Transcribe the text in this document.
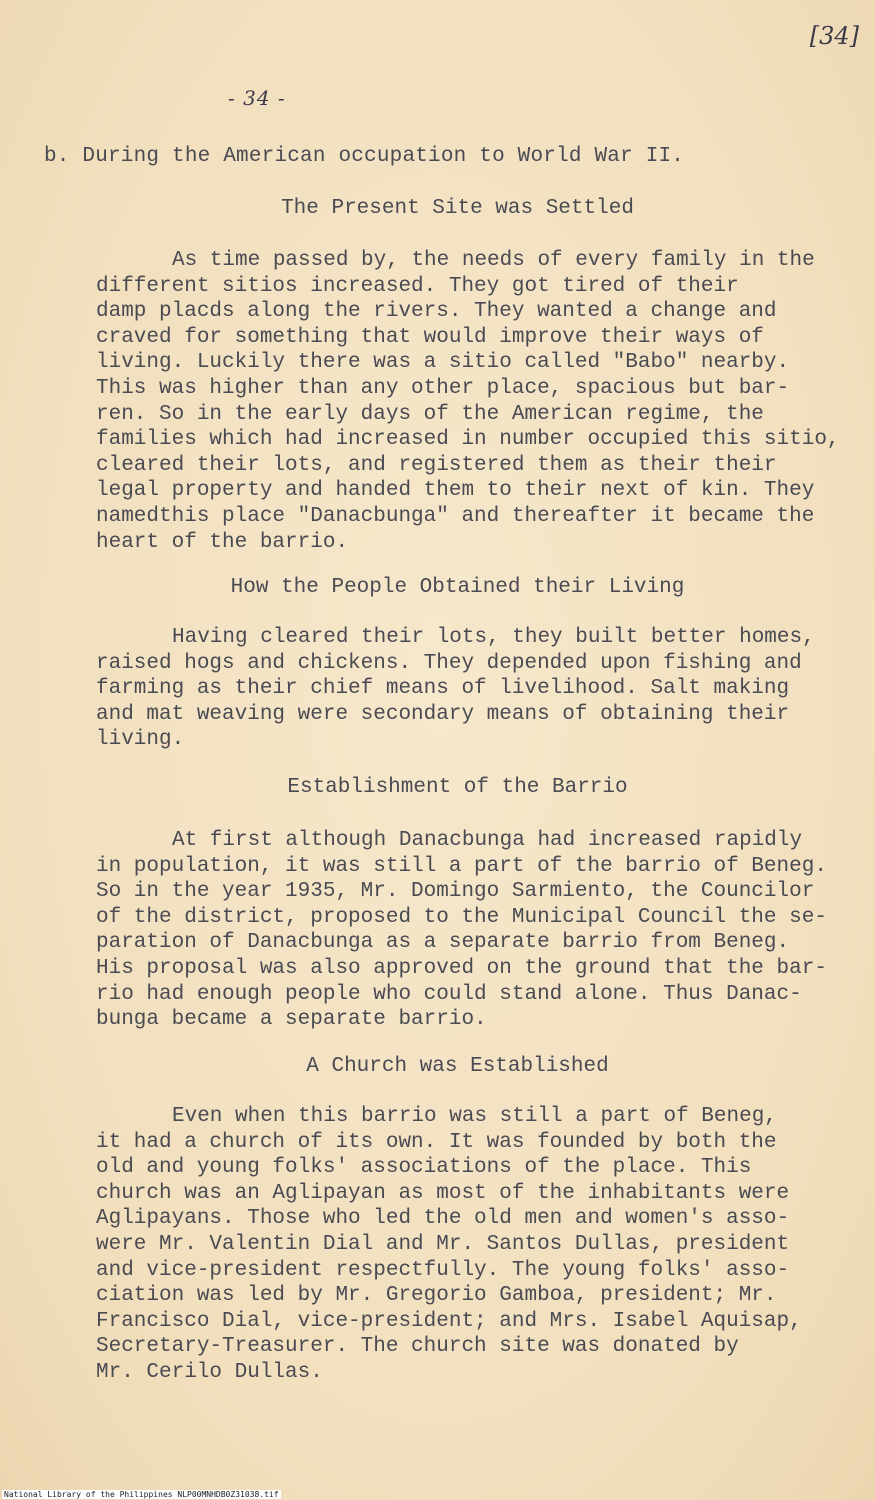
[34]
- 34 -
b. During the American occupation to World War II.
The Present Site was Settled

As time passed by, the needs of every family in the
different sitios increased. They got tired of their
damp placds along the rivers. They wanted a change and
craved for something that would improve their ways of
living. Luckily there was a sitio called "Babo" nearby.
This was higher than any other place, spacious but bar-
ren. So in the early days of the American regime, the
families which had increased in number occupied this sitio,
cleared their lots, and registered them as their their
legal property and handed them to their next of kin. They
namedthis place "Danacbunga" and thereafter it became the
heart of the barrio.

How the People Obtained their Living

Having cleared their lots, they built better homes,
raised hogs and chickens. They depended upon fishing and
farming as their chief means of livelihood. Salt making
and mat weaving were secondary means of obtaining their
living.

Establishment of the Barrio

At first although Danacbunga had increased rapidly
in population, it was still a part of the barrio of Beneg.
So in the year 1935, Mr. Domingo Sarmiento, the Councilor
of the district, proposed to the Municipal Council the se-
paration of Danacbunga as a separate barrio from Beneg.
His proposal was also approved on the ground that the bar-
rio had enough people who could stand alone. Thus Danac-
bunga became a separate barrio.

A Church was Established

Even when this barrio was still a part of Beneg,
it had a church of its own. It was founded by both the
old and young folks' associations of the place. This
church was an Aglipayan as most of the inhabitants were
Aglipayans. Those who led the old men and women's asso-
were Mr. Valentin Dial and Mr. Santos Dullas, president
and vice-president respectfully. The young folks' asso-
ciation was led by Mr. Gregorio Gamboa, president; Mr.
Francisco Dial, vice-president; and Mrs. Isabel Aquisap,
Secretary-Treasurer. The church site was donated by
Mr. Cerilo Dullas.

National Library of the Philippines NLP00MNHDB0Z31038.tif
